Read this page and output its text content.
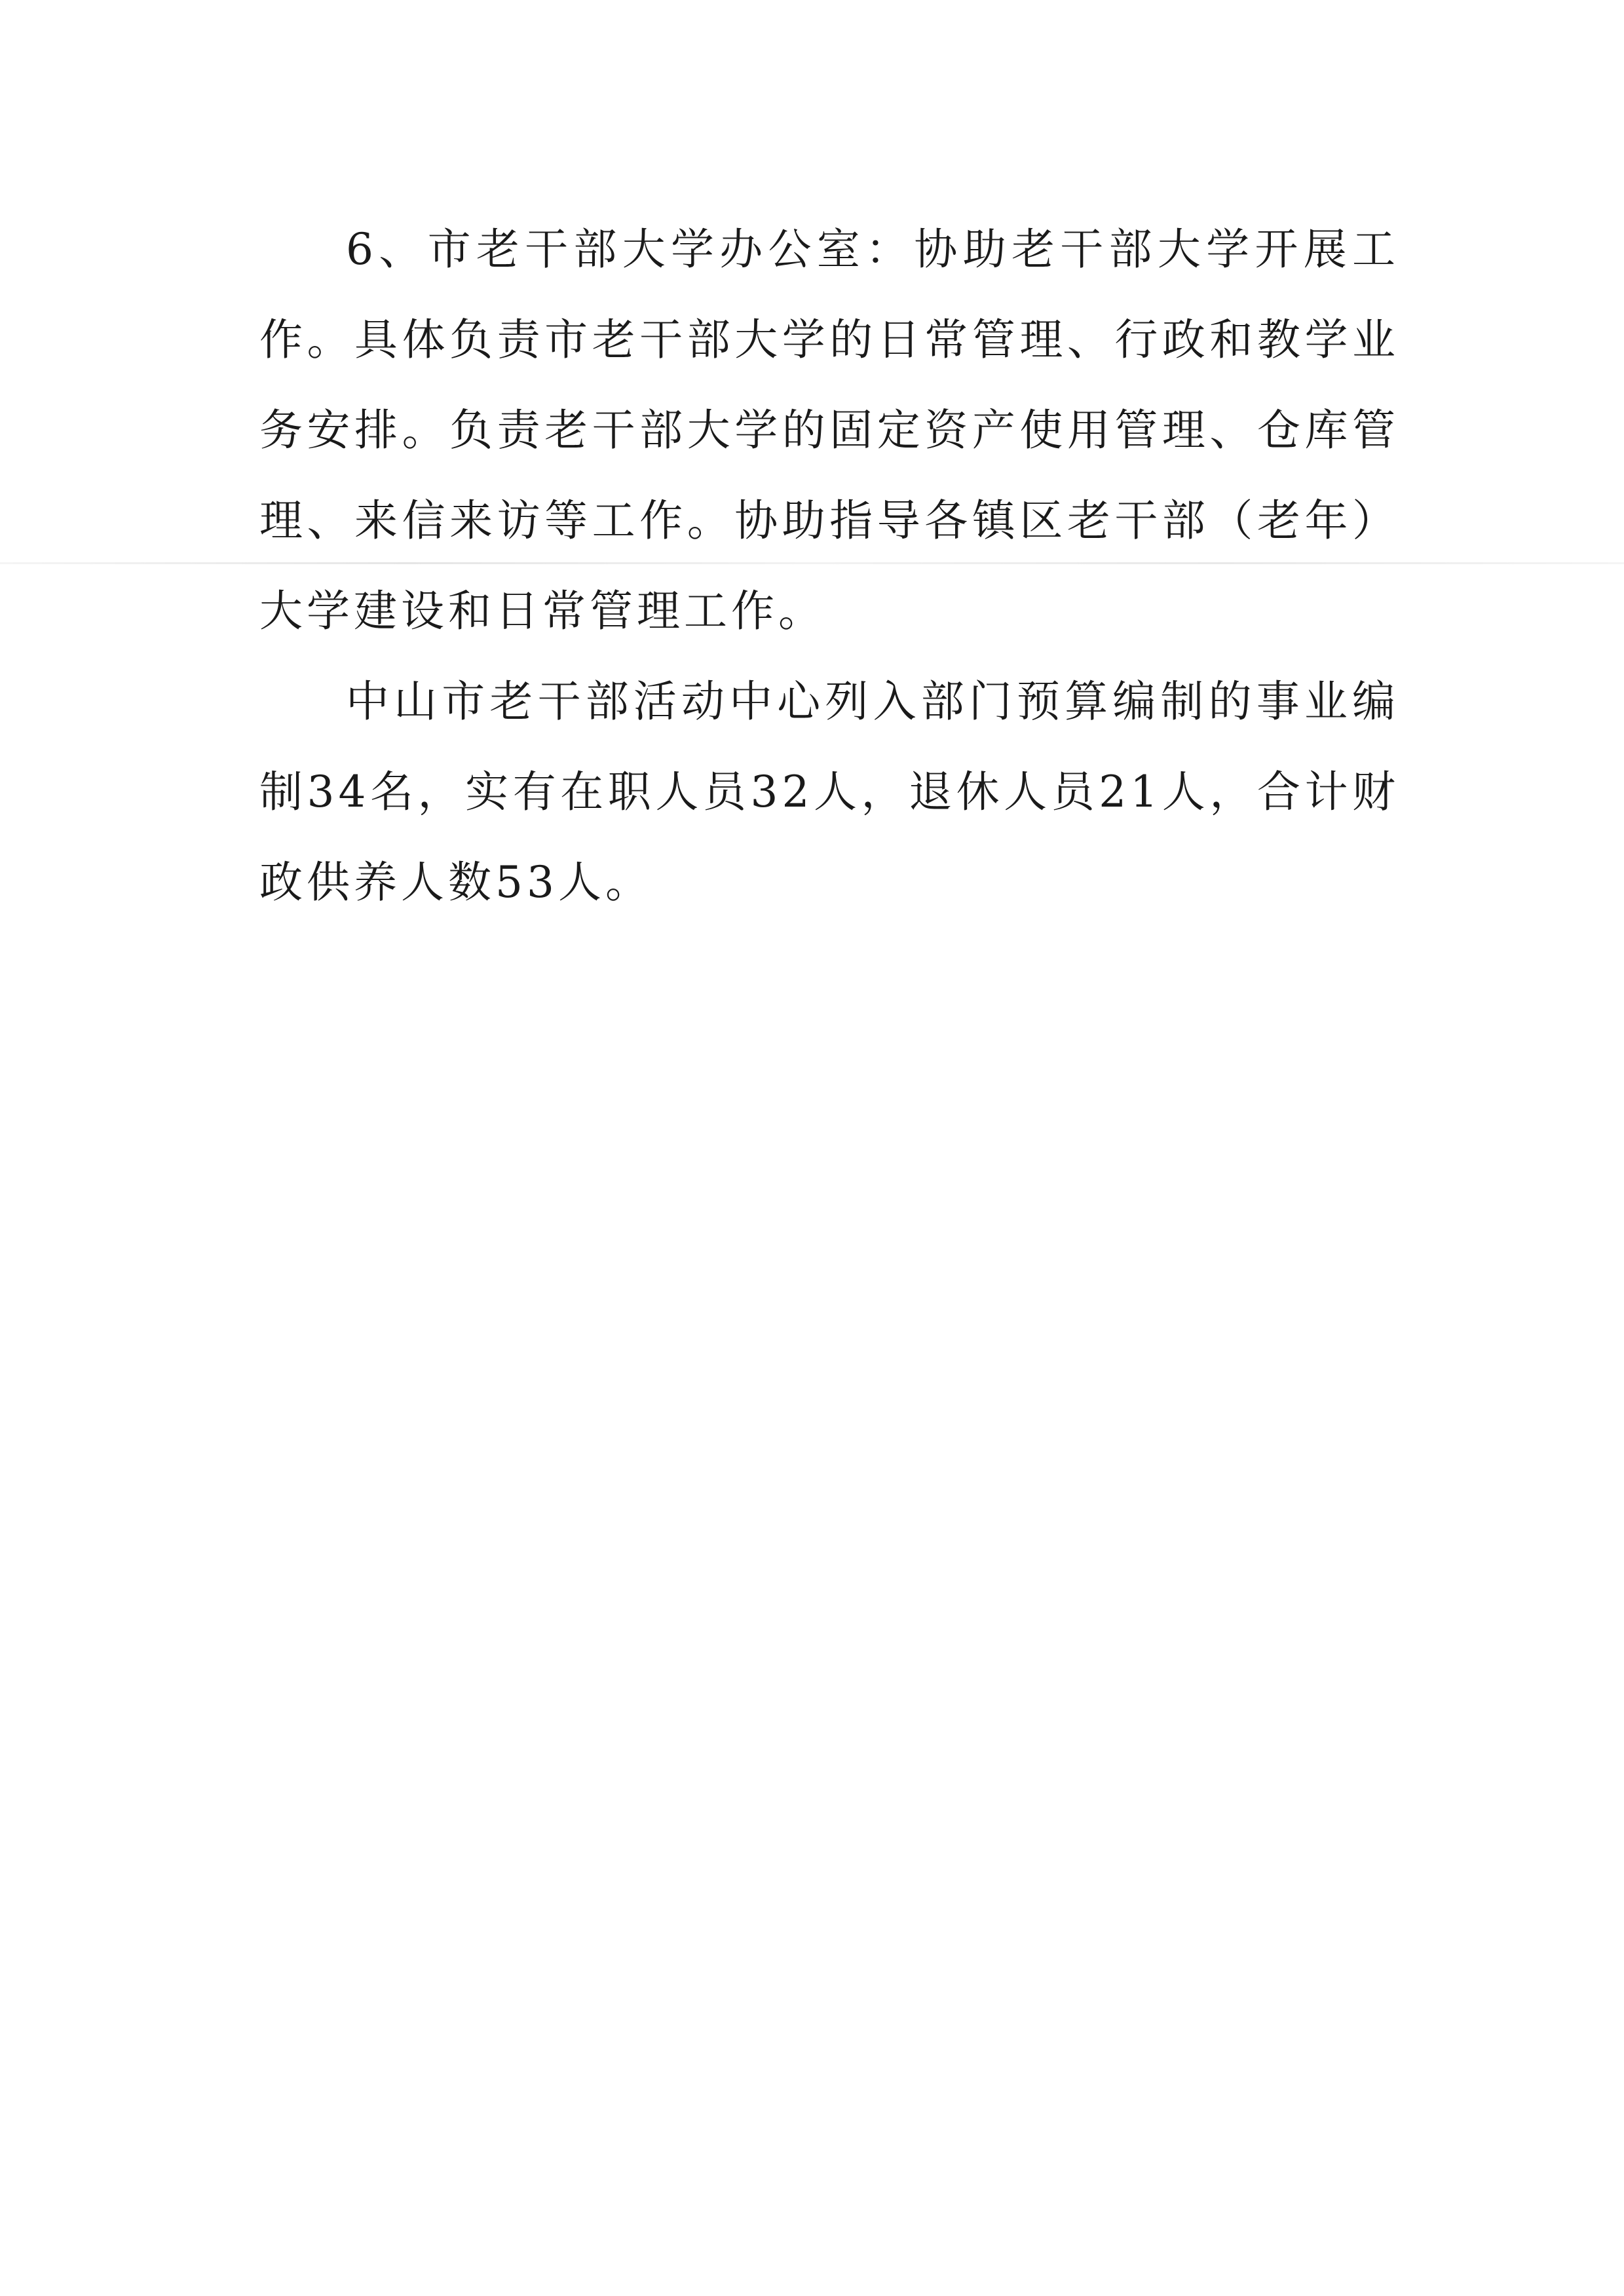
6、市老干部大学办公室：协助老干部大学开展工作。具体负责市老干部大学的日常管理、行政和教学业务安排。负责老干部大学的固定资产使用管理、仓库管理、来信来访等工作。协助指导各镇区老干部（老年）大学建设和日常管理工作。

中山市老干部活动中心列入部门预算编制的事业编制34名，实有在职人员32人，退休人员21人，合计财政供养人数53人。
